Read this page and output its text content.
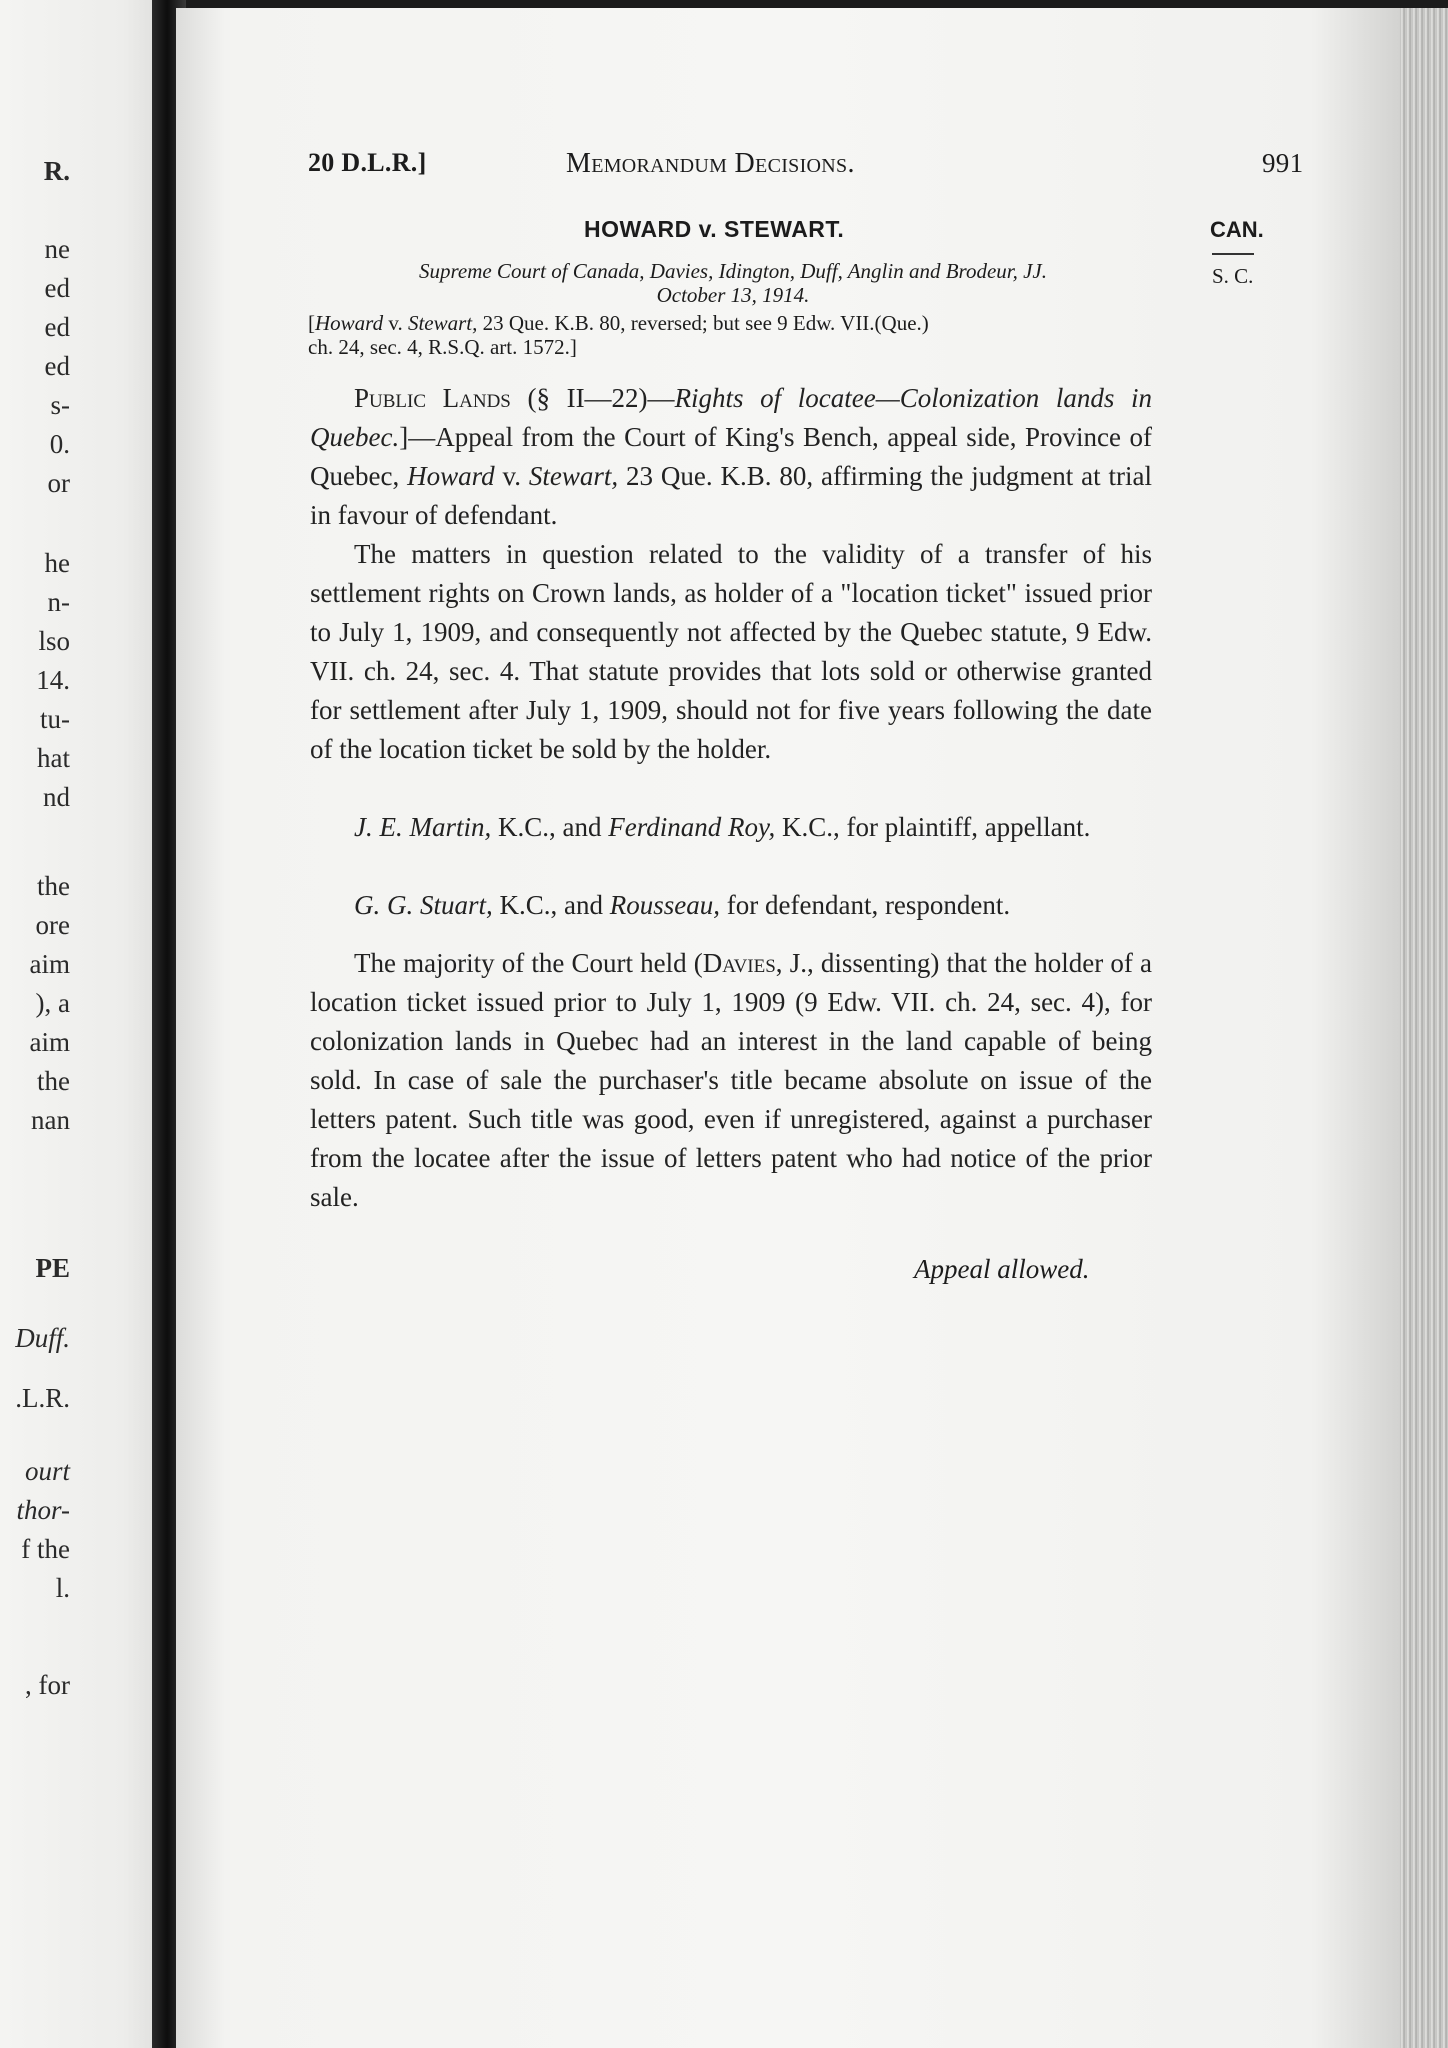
R.
ne
ed
ed
ed
s-
0.
or
he
n-
lso
14.
tu-
hat
nd
the
ore
aim
), a
aim
the
nan
PE
Duff.
.L.R.
ourt
thor-
f the
l.
, for
20 D.L.R.]	Memorandum Decisions.	991
HOWARD v. STEWART.	CAN.
S. C.
Supreme Court of Canada, Davies, Idington, Duff, Anglin and Brodeur, JJ.
October 13, 1914.
[Howard v. Stewart, 23 Que. K.B. 80, reversed; but see 9 Edw. VII.(Que.)
ch. 24, sec. 4, R.S.Q. art. 1572.]

Public Lands (§ II—22)—Rights of locatee—Colonization lands in Quebec.]—Appeal from the Court of King's Bench, appeal side, Province of Quebec, Howard v. Stewart, 23 Que. K.B. 80, affirming the judgment at trial in favour of defendant.

The matters in question related to the validity of a transfer of his settlement rights on Crown lands, as holder of a "location ticket" issued prior to July 1, 1909, and consequently not affected by the Quebec statute, 9 Edw. VII. ch. 24, sec. 4. That statute provides that lots sold or otherwise granted for settlement after July 1, 1909, should not for five years following the date of the location ticket be sold by the holder.

J. E. Martin, K.C., and Ferdinand Roy, K.C., for plaintiff, appellant.

G. G. Stuart, K.C., and Rousseau, for defendant, respondent.

The majority of the Court held (Davies, J., dissenting) that the holder of a location ticket issued prior to July 1, 1909 (9 Edw. VII. ch. 24, sec. 4), for colonization lands in Quebec had an interest in the land capable of being sold. In case of sale the purchaser's title became absolute on issue of the letters patent. Such title was good, even if unregistered, against a purchaser from the locatee after the issue of letters patent who had notice of the prior sale.

Appeal allowed.
